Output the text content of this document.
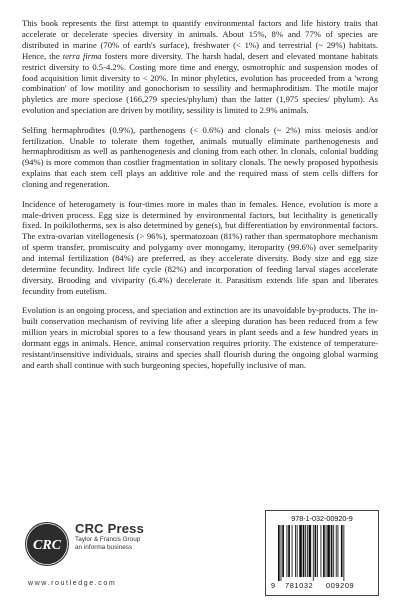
This book represents the first attempt to quantify environmental factors and life history traits that accelerate or decelerate species diversity in animals. About 15%, 8% and 77% of species are distributed in marine (70% of earth's surface), freshwater (< 1%) and terrestrial (~ 29%) habitats. Hence, the terra firma fosters more diversity. The harsh hadal, desert and elevated montane habitats restrict diversity to 0.5-4.2%. Costing more time and energy, osmotrophic and suspension modes of food acquisition limit diversity to < 20%. In minor phyletics, evolution has proceeded from a 'wrong combination' of low motility and gonochorism to sessility and hermaphroditism. The motile major phyletics are more speciose (166,279 species/phylum) than the latter (1,975 species/ phylum). As evolution and speciation are driven by motility, sessility is limited to 2.9% animals.

Selfing hermaphrodites (0.9%), parthenogens (< 0.6%) and clonals (~ 2%) miss meiosis and/or fertilization. Unable to tolerate them together, animals mutually eliminate parthenogenesis and hermaphroditism as well as parthenogenesis and cloning from each other. In clonals, colonial budding (94%) is more common than costlier fragmentation in solitary clonals. The newly proposed hypothesis explains that each stem cell plays an additive role and the required mass of stem cells differs for cloning and regeneration.

Incidence of heterogamety is four-times more in males than in females. Hence, evolution is more a male-driven process. Egg size is determined by environmental factors, but lecithality is genetically fixed. In poikilotherms, sex is also determined by gene(s), but differentiation by environmental factors. The extra-ovarian vitellogenesis (> 96%), spermatozoan (81%) rather than spermatophore mechanism of sperm transfer, promiscuity and polygamy over monogamy, iteroparity (99.6%) over semelparity and internal fertilization (84%) are preferred, as they accelerate diversity. Body size and egg size determine fecundity. Indirect life cycle (82%) and incorporation of feeding larval stages accelerate diversity. Brooding and viviparity (6.4%) decelerate it. Parasitism extends life span and liberates fecundity from eutelism.

Evolution is an ongoing process, and speciation and extinction are its unavoidable by-products. The in-built conservation mechanism of reviving life after a sleeping duration has been reduced from a few million years in microbial spores to a few thousand years in plant seeds and a few hundred years in dormant eggs in animals. Hence, animal conservation requires priority. The existence of temperature-resistant/insensitive individuals, strains and species shall flourish during the ongoing global warming and earth shall continue with such burgeoning species, hopefully inclusive of man.

CRC
CRC Press
Taylor & Francis Group
an informa business
www.routledge.com
978-1-032-00920-9
9 781032 009209
